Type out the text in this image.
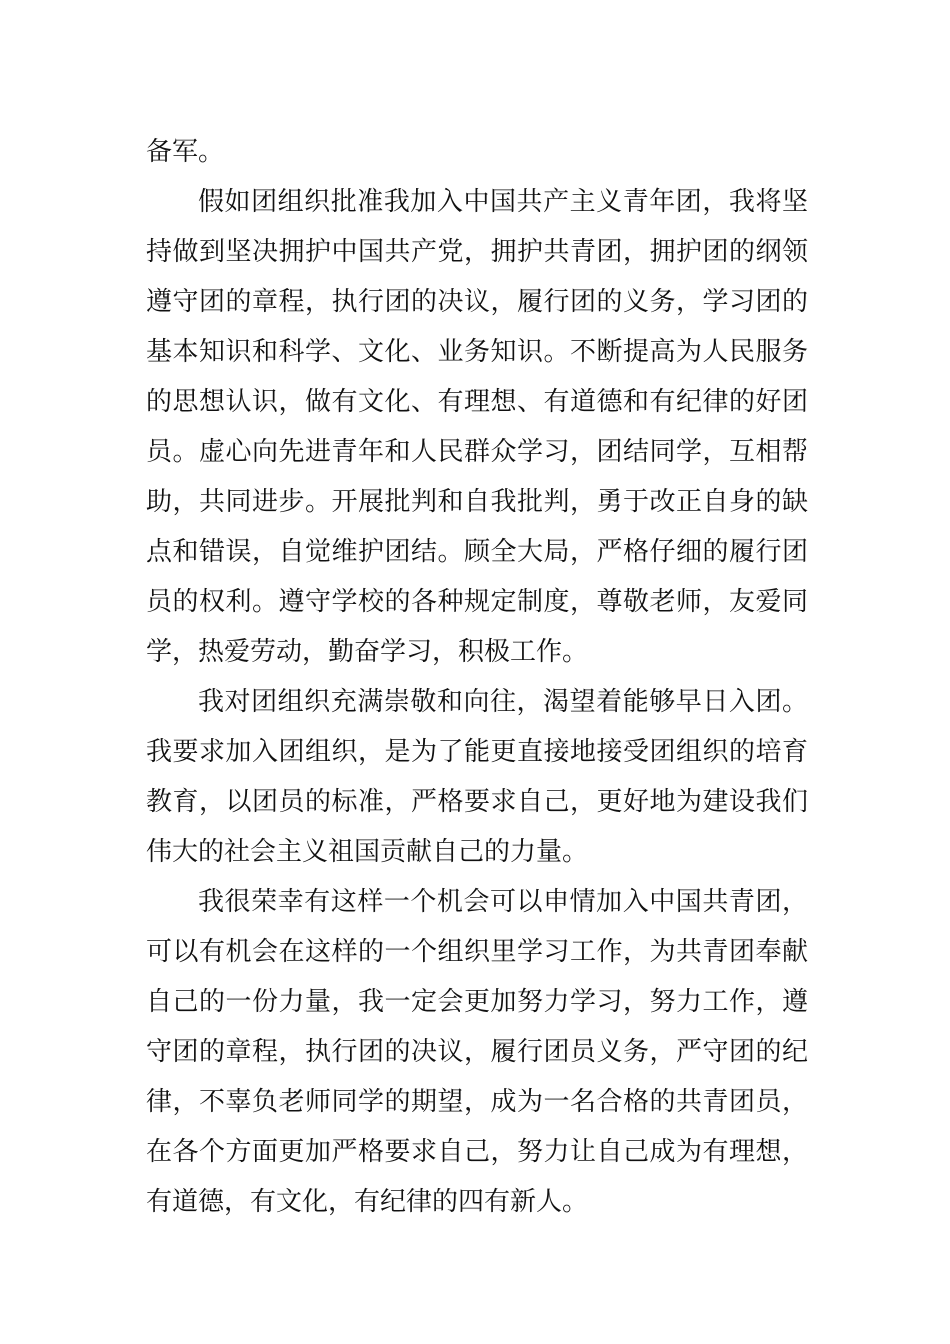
备军。

假如团组织批准我加入中国共产主义青年团，我将坚持做到坚决拥护中国共产党，拥护共青团，拥护团的纲领遵守团的章程，执行团的决议，履行团的义务，学习团的基本知识和科学、文化、业务知识。不断提高为人民服务的思想认识，做有文化、有理想、有道德和有纪律的好团员。虚心向先进青年和人民群众学习，团结同学，互相帮助，共同进步。开展批判和自我批判，勇于改正自身的缺点和错误，自觉维护团结。顾全大局，严格仔细的履行团员的权利。遵守学校的各种规定制度，尊敬老师，友爱同学，热爱劳动，勤奋学习，积极工作。

我对团组织充满崇敬和向往，渴望着能够早日入团。我要求加入团组织，是为了能更直接地接受团组织的培育教育，以团员的标准，严格要求自己，更好地为建设我们伟大的社会主义祖国贡献自己的力量。

我很荣幸有这样一个机会可以申情加入中国共青团，可以有机会在这样的一个组织里学习工作，为共青团奉献自己的一份力量，我一定会更加努力学习，努力工作，遵守团的章程，执行团的决议，履行团员义务，严守团的纪律，不辜负老师同学的期望，成为一名合格的共青团员，在各个方面更加严格要求自己，努力让自己成为有理想，有道德，有文化，有纪律的四有新人。
